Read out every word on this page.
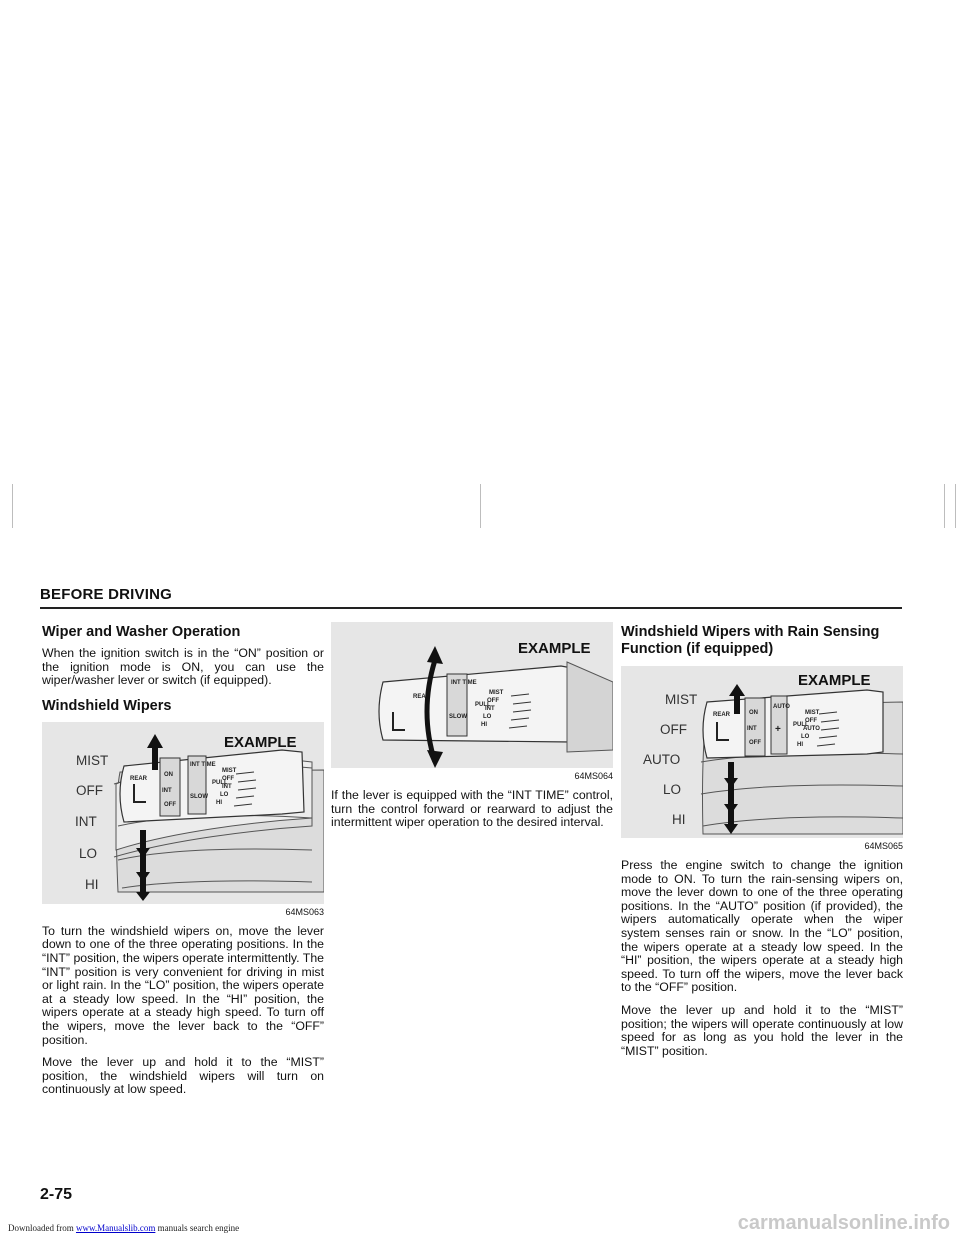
BEFORE DRIVING
Wiper and Washer Operation

When the ignition switch is in the “ON” position or the ignition mode is ON, you can use the wiper/washer lever or switch (if equipped).

Windshield Wipers
EXAMPLE
MIST
OFF
INT
LO
HI
REAR
ON
INT
OFF
INT TIME
SLOW
PULL
MIST
OFF
INT
LO
HI
64MS063

To turn the windshield wipers on, move the lever down to one of the three operating positions. In the “INT” position, the wipers operate intermittently. The “INT” position is very convenient for driving in mist or light rain. In the “LO” position, the wipers operate at a steady low speed. In the “HI” position, the wipers operate at a steady high speed. To turn off the wipers, move the lever back to the “OFF” position.

Move the lever up and hold it to the “MIST” position, the windshield wipers will turn on continuously at low speed.

EXAMPLE
REAR
INT TIME
SLOW
PULL
MIST
OFF
INT
LO
HI
64MS064

If the lever is equipped with the “INT TIME” control, turn the control forward or rearward to adjust the intermittent wiper operation to the desired interval.

Windshield Wipers with Rain Sensing Function (if equipped)
EXAMPLE
MIST
OFF
AUTO
LO
HI
REAR	ON
INT
OFF
AUTO
+ PULL
MIST
OFF
AUTO
LO
HI
64MS065

Press the engine switch to change the ignition mode to ON. To turn the rain-sensing wipers on, move the lever down to one of the three operating positions. In the “AUTO” position (if provided), the wipers automatically operate when the wiper system senses rain or snow. In the “LO” position, the wipers operate at a steady low speed. In the “HI” position, the wipers operate at a steady high speed. To turn off the wipers, move the lever back to the “OFF” position.

Move the lever up and hold it to the “MIST” position; the wipers will operate continuously at low speed for as long as you hold the lever in the “MIST” position.

2-75
Downloaded from www.Manualslib.com manuals search engine	carmanualsonline.info
